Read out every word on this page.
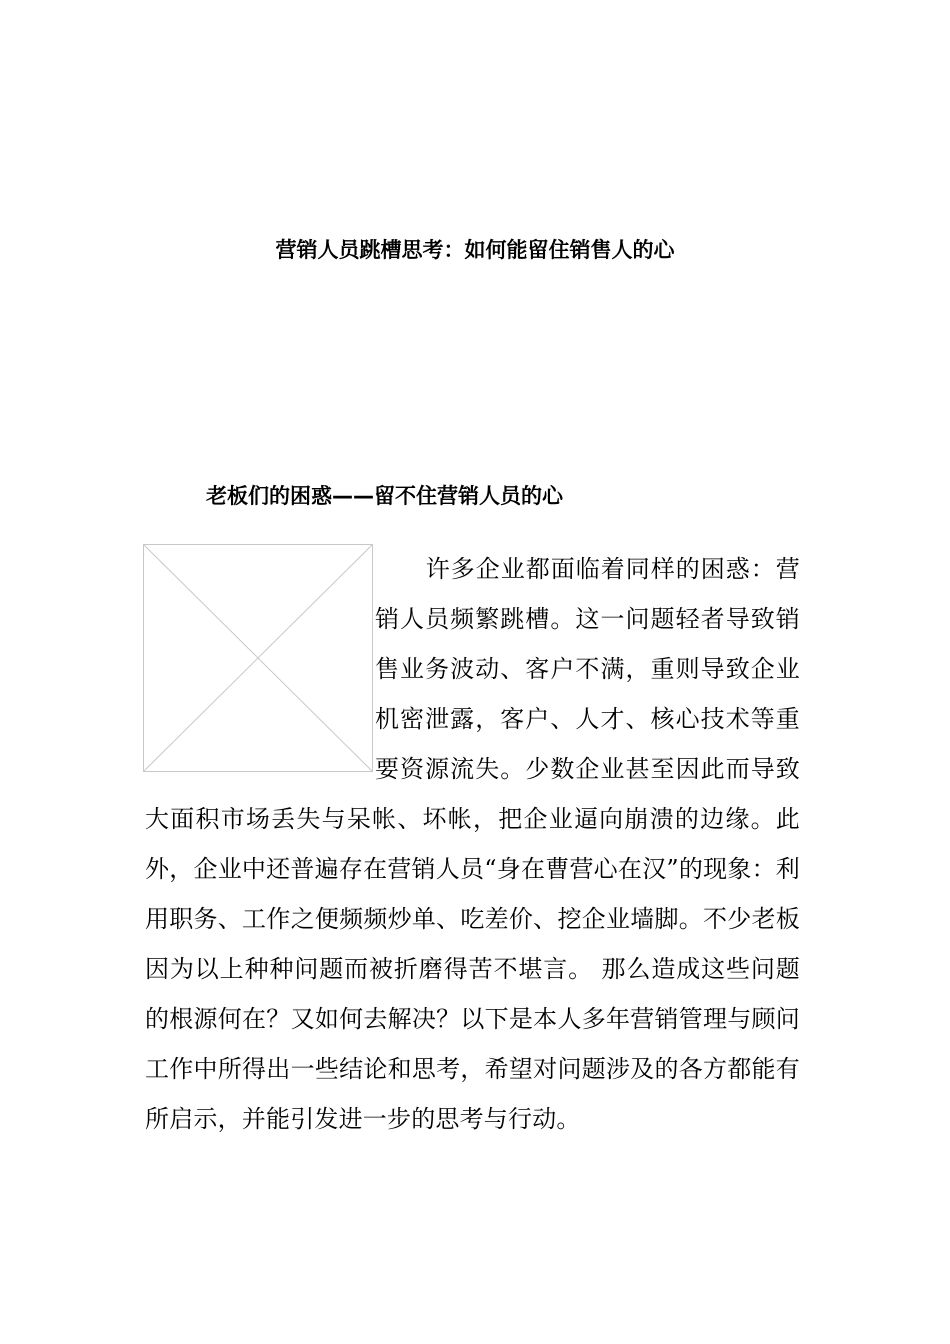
营销人员跳槽思考：如何能留住销售人的心
老板们的困惑——留不住营销人员的心

许多企业都面临着同样的困惑：营销人员频繁跳槽。这一问题轻者导致销售业务波动、客户不满，重则导致企业机密泄露，客户、人才、核心技术等重要资源流失。少数企业甚至因此而导致大面积市场丢失与呆帐、坏帐，把企业逼向崩溃的边缘。此外，企业中还普遍存在营销人员“身在曹营心在汉”的现象：利用职务、工作之便频频炒单、吃差价、挖企业墙脚。不少老板因为以上种种问题而被折磨得苦不堪言。 那么造成这些问题的根源何在？又如何去解决？以下是本人多年营销管理与顾问工作中所得出一些结论和思考，希望对问题涉及的各方都能有所启示，并能引发进一步的思考与行动。
